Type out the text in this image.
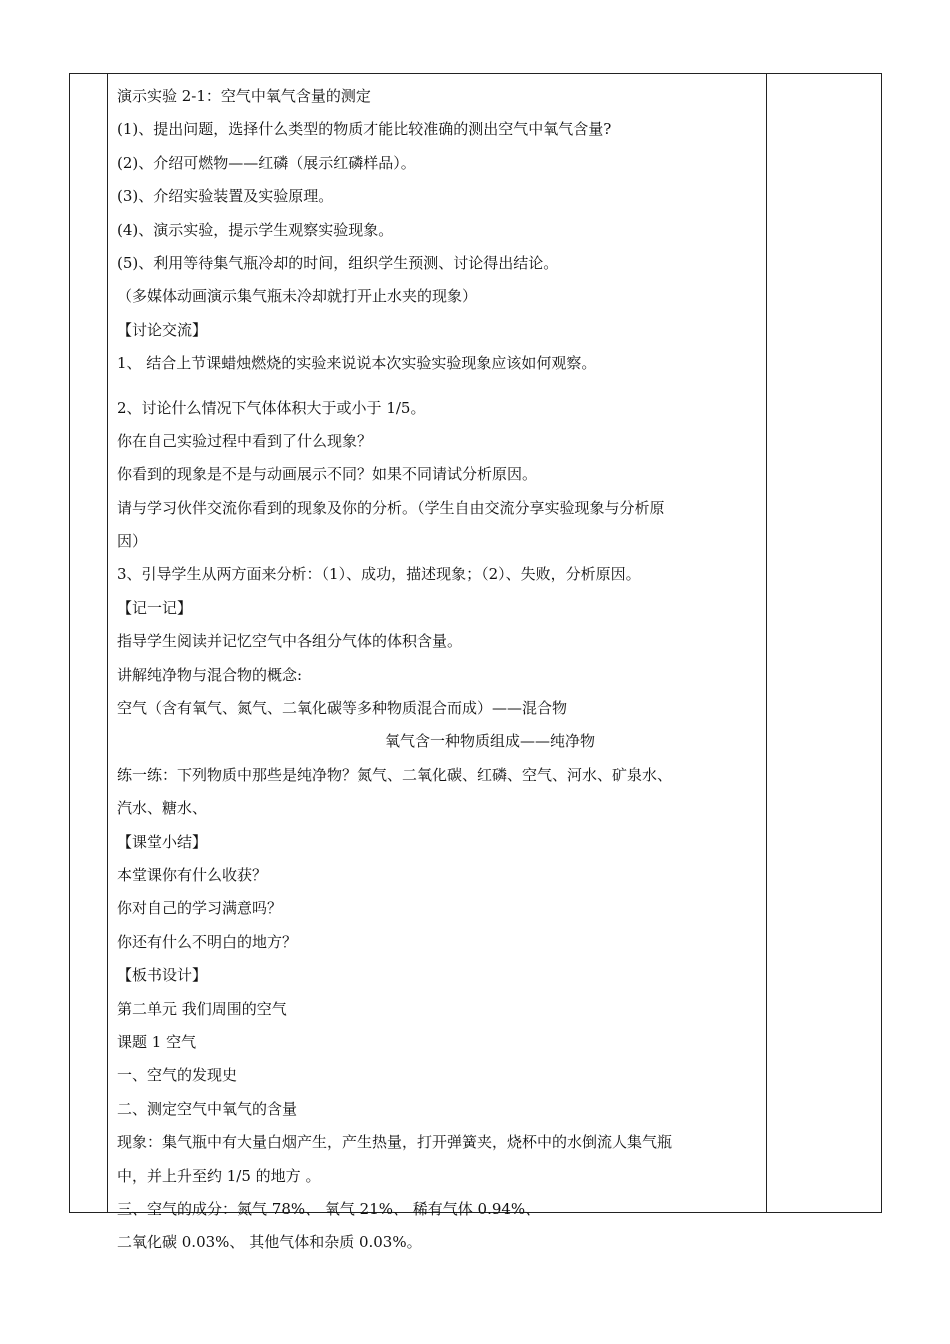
演示实验 2-1：空气中氧气含量的测定
(1)、提出问题，选择什么类型的物质才能比较准确的测出空气中氧气含量?
(2)、介绍可燃物——红磷（展示红磷样品）。
(3)、介绍实验装置及实验原理。
(4)、演示实验，提示学生观察实验现象。
(5)、利用等待集气瓶冷却的时间，组织学生预测、讨论得出结论。
（多媒体动画演示集气瓶未冷却就打开止水夹的现象）
【讨论交流】
1、 结合上节课蜡烛燃烧的实验来说说本次实验实验现象应该如何观察。
2、讨论什么情况下气体体积大于或小于 1/5。
你在自己实验过程中看到了什么现象？
你看到的现象是不是与动画展示不同？如果不同请试分析原因。
请与学习伙伴交流你看到的现象及你的分析。（学生自由交流分享实验现象与分析原
因）
3、引导学生从两方面来分析：（1）、成功，描述现象；（2）、失败，分析原因。
【记一记】
指导学生阅读并记忆空气中各组分气体的体积含量。
讲解纯净物与混合物的概念:
空气（含有氧气、氮气、二氧化碳等多种物质混合而成）——混合物
氧气含一种物质组成——纯净物
练一练：下列物质中那些是纯净物？氮气、二氧化碳、红磷、空气、河水、矿泉水、
汽水、糖水、
【课堂小结】
本堂课你有什么收获？
你对自己的学习满意吗？
你还有什么不明白的地方？
【板书设计】
第二单元 我们周围的空气
课题 1 空气
一、空气的发现史
二、测定空气中氧气的含量
现象：集气瓶中有大量白烟产生，产生热量，打开弹簧夹，烧杯中的水倒流人集气瓶
中，并上升至约 1/5 的地方 。
三、空气的成分：氮气 78%、 氧气 21%、 稀有气体 0.94%、
二氧化碳 0.03%、 其他气体和杂质 0.03%。
